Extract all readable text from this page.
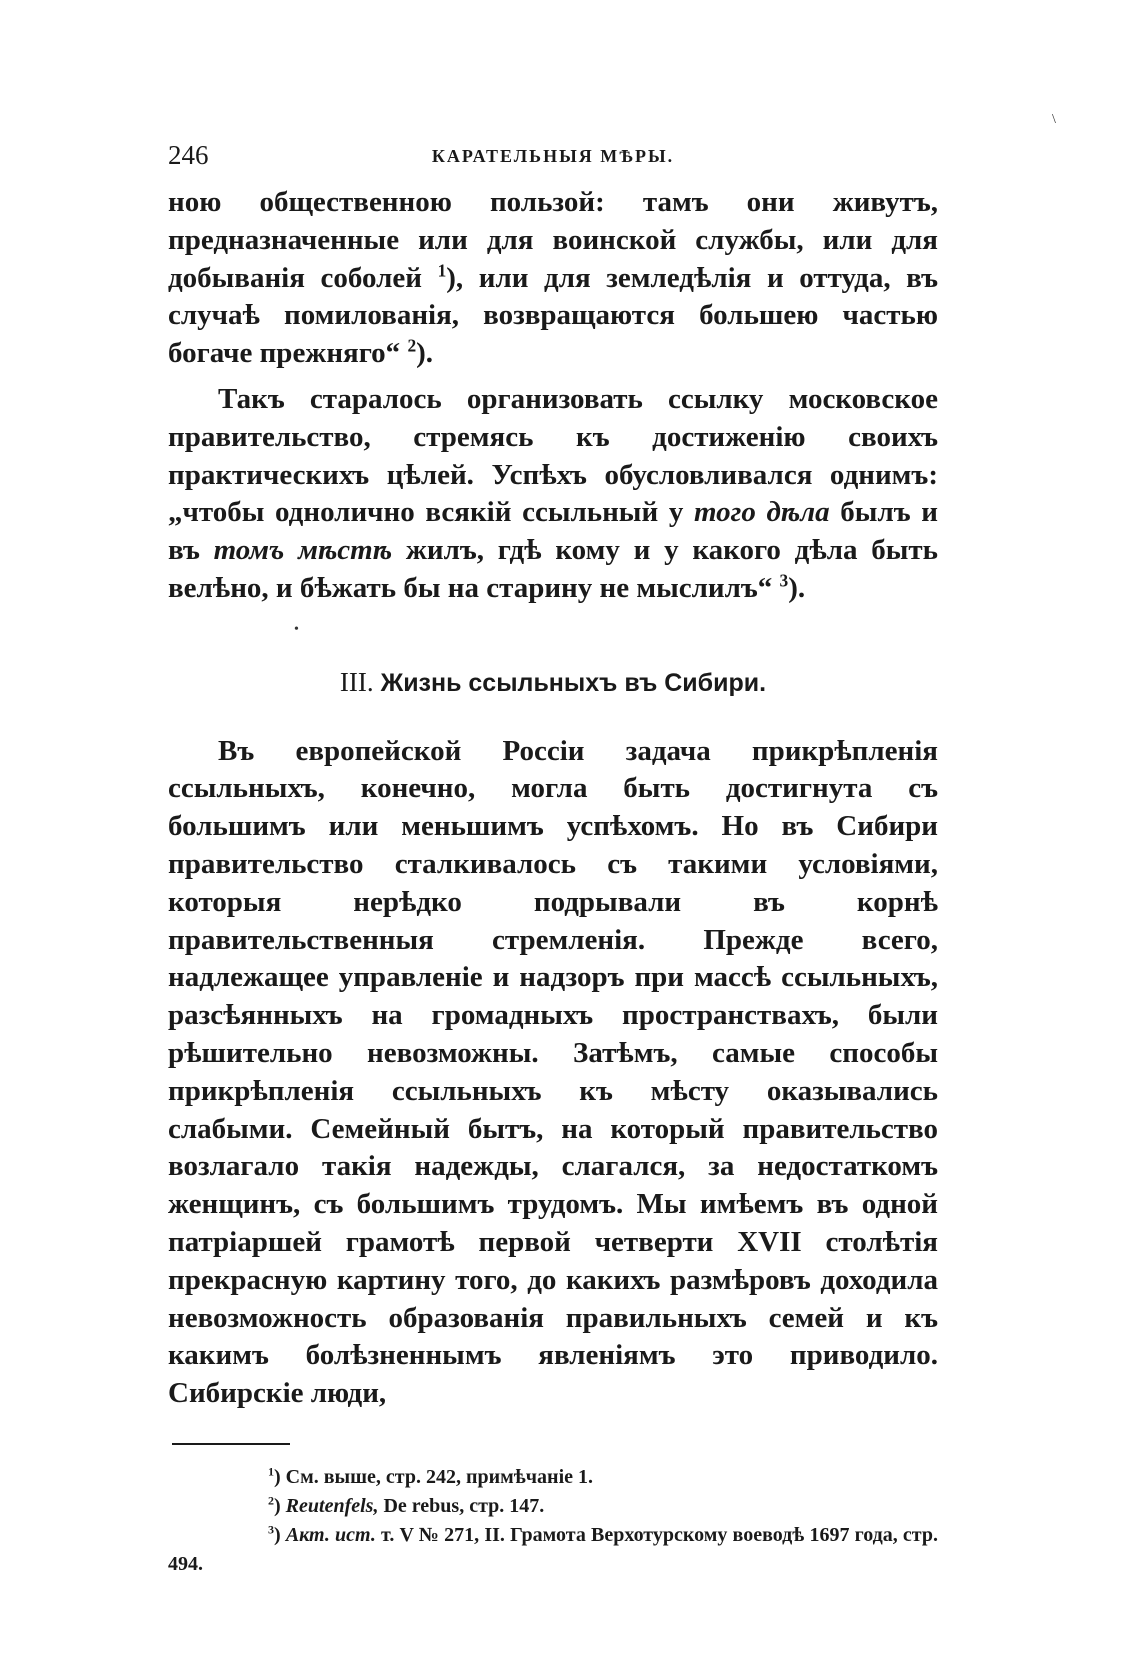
246	КАРАТЕЛЬНЫЯ МѢРЫ.

ною общественною пользой: тамъ они живутъ, предназначенные или для воинской службы, или для добыванія соболей $^1$), или для земледѣлія и оттуда, въ случаѣ помилованія, возвращаются большею частью богаче прежняго“ $^2$).

Такъ старалось организовать ссылку московское правительство, стремясь къ достиженію своихъ практическихъ цѣлей. Успѣхъ обусловливался однимъ: „чтобы однолично всякій ссыльный у того дѣла былъ и въ томъ мѣстѣ жилъ, гдѣ кому и у какого дѣла быть велѣно, и бѣжать бы на старину не мыслилъ“ $^3$).

III. Жизнь ссыльныхъ въ Сибири.

Въ европейской Россіи задача прикрѣпленія ссыльныхъ, конечно, могла быть достигнута съ большимъ или меньшимъ успѣхомъ. Но въ Сибири правительство сталкивалось съ такими условіями, которыя нерѣдко подрывали въ корнѣ правительственныя стремленія. Прежде всего, надлежащее управленіе и надзоръ при массѣ ссыльныхъ, разсѣянныхъ на громадныхъ пространствахъ, были рѣшительно невозможны. Затѣмъ, самые способы прикрѣпленія ссыльныхъ къ мѣсту оказывались слабыми. Семейный бытъ, на который правительство возлагало такія надежды, слагался, за недостаткомъ женщинъ, съ большимъ трудомъ. Мы имѣемъ въ одной патріаршей грамотѣ первой четверти XVII столѣтія прекрасную картину того, до какихъ размѣровъ доходила невозможность образованія правильныхъ семей и къ какимъ болѣзненнымъ явленіямъ это приводило. Сибирскіе люди,

$^1$) См. выше, стр. 242, примѣчаніе 1.

$^2$) Reutenfels, De rebus, стр. 147.

$^3$) Акт. ист. т. V № 271, II. Грамота Верхотурскому воеводѣ 1697 года, стр. 494.

\
•
